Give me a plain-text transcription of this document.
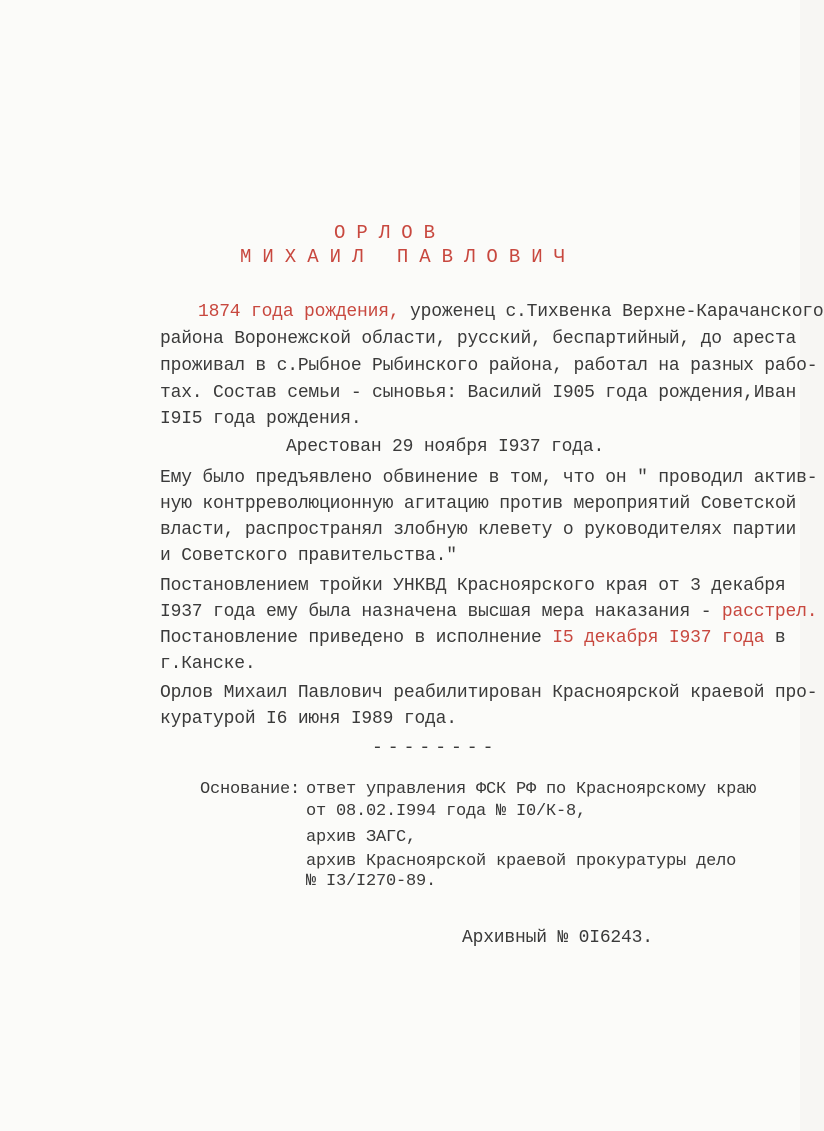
ОРЛОВ
МИХАИЛ ПАВЛОВИЧ
1874 года рождения, уроженец с.Тихвенка Верхне-Карачанского
района Воронежской области, русский, беспартийный, до ареста
проживал в с.Рыбное Рыбинского района, работал на разных рабо-
тах. Состав семьи - сыновья: Василий I905 года рождения,Иван
I9I5 года рождения.
Арестован 29 ноября I937 года.
Ему было предъявлено обвинение в том, что он " проводил актив-
ную контрреволюционную агитацию против мероприятий Советской
власти, распространял злобную клевету о руководителях партии
и Советского правительства."
Постановлением тройки УНКВД Красноярского края от 3 декабря
I937 года ему была назначена высшая мера наказания - расстрел.
Постановление приведено в исполнение I5 декабря I937 года в
г.Канске.
Орлов Михаил Павлович реабилитирован Красноярской краевой про-
куратурой I6 июня I989 года.
--------
Основание: ответ управления ФСК РФ по Красноярскому краю
от 08.02.I994 года № I0/К-8,
архив ЗАГС,
архив Красноярской краевой прокуратуры дело
№ I3/I270-89.
Архивный № 0I6243.
